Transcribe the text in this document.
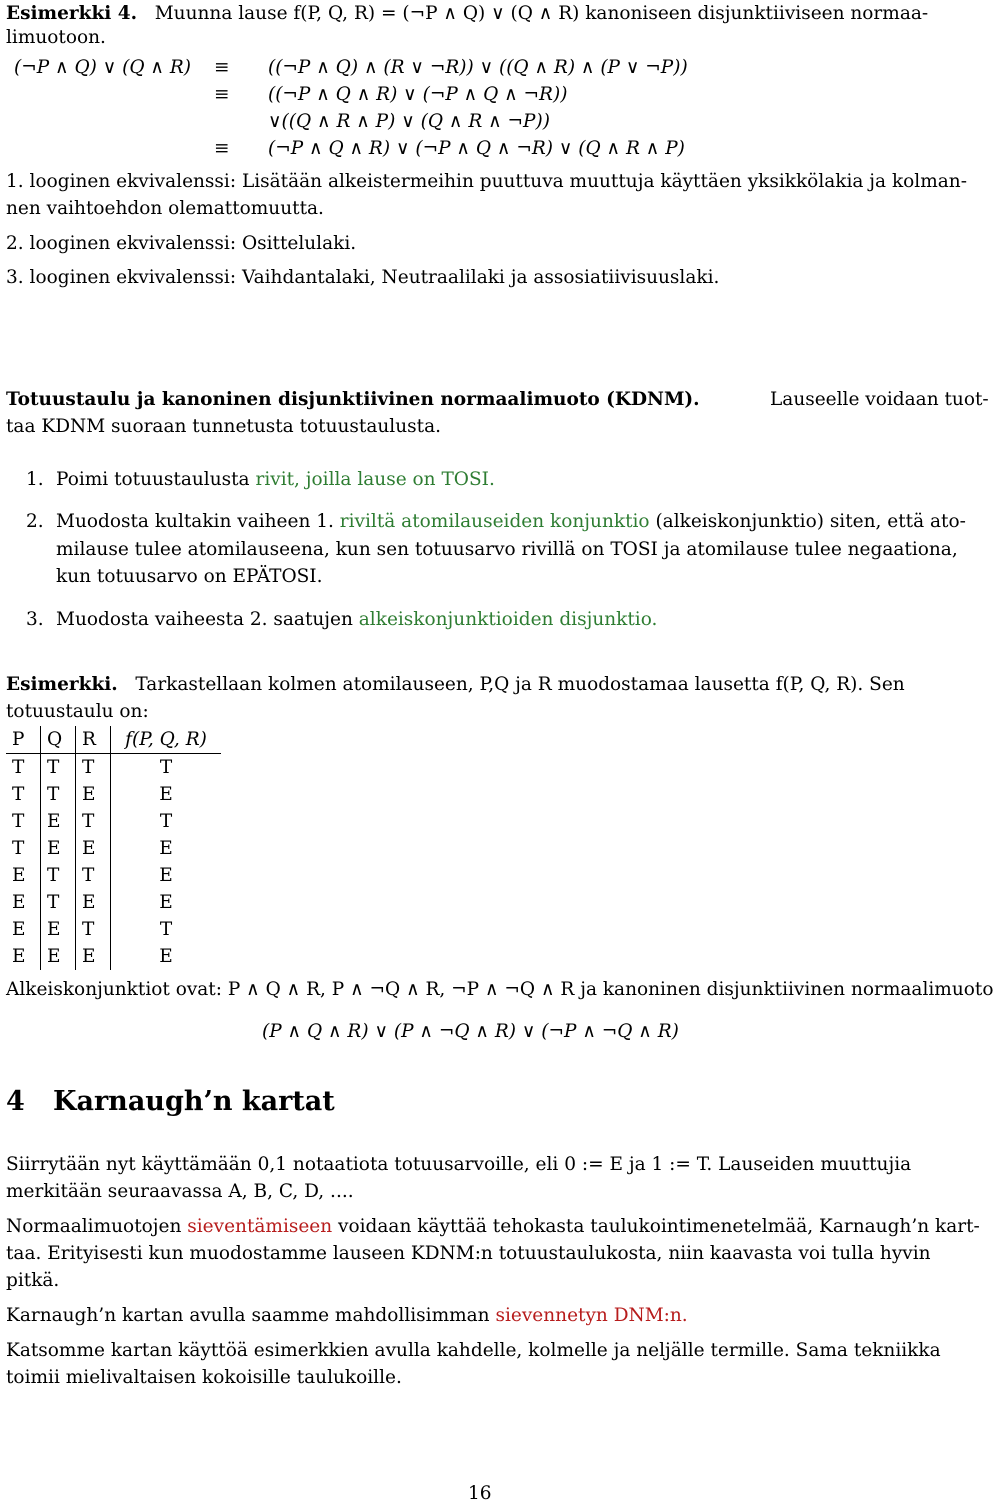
Esimerkki 4. Muunna lause f(P, Q, R) = (¬P ∧ Q) ∨ (Q ∧ R) kanoniseen disjunktiiviseen normaa-
limuotoon.
(¬P ∧ Q) ∨ (Q ∧ R) ≡ ((¬P ∧ Q) ∧ (R ∨ ¬R)) ∨ ((Q ∧ R) ∧ (P ∨ ¬P))
≡ ((¬P ∧ Q ∧ R) ∨ (¬P ∧ Q ∧ ¬R))
∨((Q ∧ R ∧ P) ∨ (Q ∧ R ∧ ¬P))
≡ (¬P ∧ Q ∧ R) ∨ (¬P ∧ Q ∧ ¬R) ∨ (Q ∧ R ∧ P)
1. looginen ekvivalenssi: Lisätään alkeistermeihin puuttuva muuttuja käyttäen yksikkölakia ja kolman-
nen vaihtoehdon olemattomuutta.
2. looginen ekvivalenssi: Osittelulaki.
3. looginen ekvivalenssi: Vaihdantalaki, Neutraalilaki ja assosiatiivisuuslaki.
Totuustaulu ja kanoninen disjunktiivinen normaalimuoto (KDNM).	Lauseelle voidaan tuot-
taa KDNM suoraan tunnetusta totuustaulusta.
1. Poimi totuustaulusta rivit, joilla lause on TOSI.
2. Muodosta kultakin vaiheen 1. riviltä atomilauseiden konjunktio (alkeiskonjunktio) siten, että ato-
milause tulee atomilauseena, kun sen totuusarvo rivillä on TOSI ja atomilause tulee negaationa,
kun totuusarvo on EPÄTOSI.
3. Muodosta vaiheesta 2. saatujen alkeiskonjunktioiden disjunktio.
Esimerkki. Tarkastellaan kolmen atomilauseen, P,Q ja R muodostamaa lausetta f(P, Q, R). Sen
totuustaulu on:
P	Q	R	f(P, Q, R)
T	T	T	T
T	T	E	E
T	E	T	T
T	E	E	E
E	T	T	E
E	T	E	E
E	E	T	T
E	E	E	E
Alkeiskonjunktiot ovat: P ∧ Q ∧ R, P ∧ ¬Q ∧ R, ¬P ∧ ¬Q ∧ R ja kanoninen disjunktiivinen normaalimuoto
(P ∧ Q ∧ R) ∨ (P ∧ ¬Q ∧ R) ∨ (¬P ∧ ¬Q ∧ R)
4 Karnaugh’n kartat
Siirrytään nyt käyttämään 0,1 notaatiota totuusarvoille, eli 0 := E ja 1 := T. Lauseiden muuttujia
merkitään seuraavassa A, B, C, D, ....
Normaalimuotojen sieventämiseen voidaan käyttää tehokasta taulukointimenetelmää, Karnaugh’n kart-
taa. Erityisesti kun muodostamme lauseen KDNM:n totuustaulukosta, niin kaavasta voi tulla hyvin
pitkä.
Karnaugh’n kartan avulla saamme mahdollisimman sievennetyn DNM:n.
Katsomme kartan käyttöä esimerkkien avulla kahdelle, kolmelle ja neljälle termille. Sama tekniikka
toimii mielivaltaisen kokoisille taulukoille.
16
